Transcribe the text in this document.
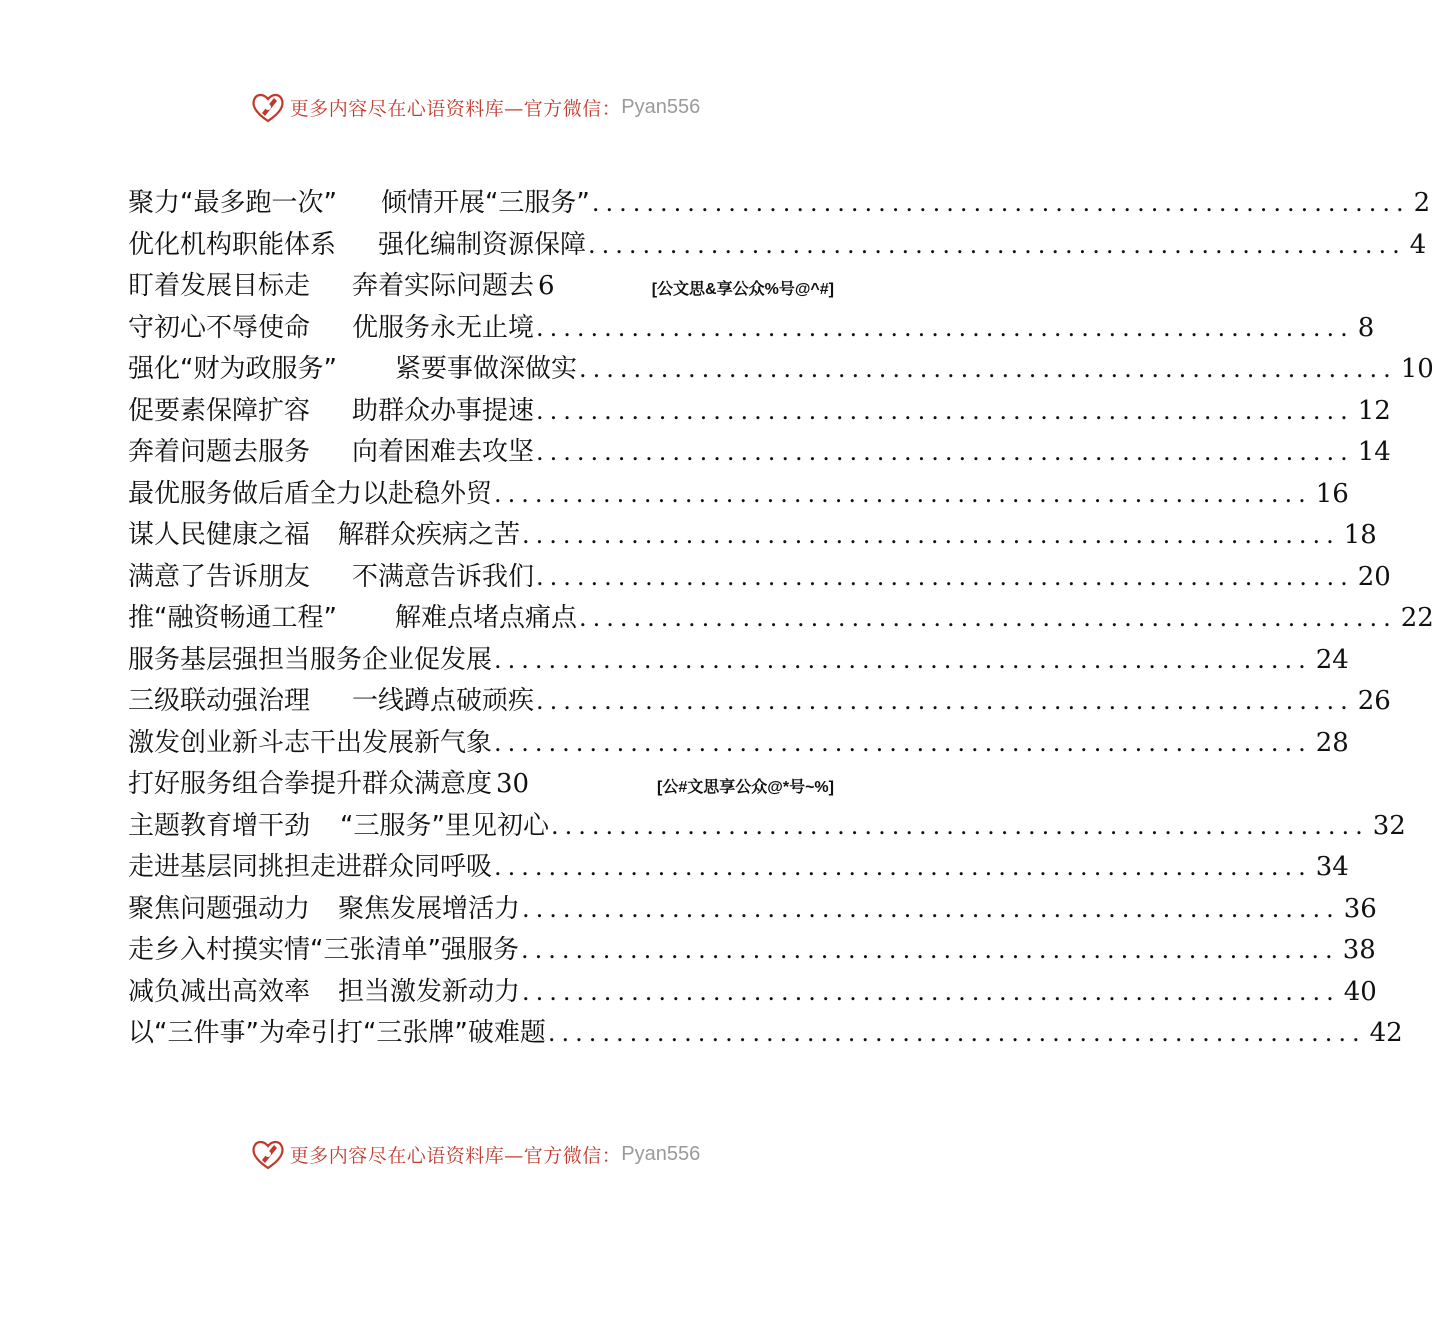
更多内容尽在心语资料库—官方微信： Pyan556
聚力“最多跑一次” 倾情开展“三服务” ............................................................ 2
优化机构职能体系 强化编制资源保障 ............................................................ 4
盯着发展目标走 奔着实际问题去 6	[公文思&享公众%号@^#]
守初心不辱使命 优服务永无止境 ............................................................ 8
强化“财为政服务” 紧要事做深做实 ............................................................ 10
促要素保障扩容 助群众办事提速 ............................................................ 12
奔着问题去服务 向着困难去攻坚 ............................................................ 14
最优服务做后盾全力以赴稳外贸 ............................................................ 16
谋人民健康之福 解群众疾病之苦 ............................................................ 18
满意了告诉朋友 不满意告诉我们 ............................................................ 20
推“融资畅通工程” 解难点堵点痛点 ............................................................ 22
服务基层强担当服务企业促发展 ............................................................ 24
三级联动强治理 一线蹲点破顽疾 ............................................................ 26
激发创业新斗志干出发展新气象 ............................................................ 28
打好服务组合拳提升群众满意度 30	[公#文思享公众@*号~%]
主题教育增干劲 “三服务”里见初心 ............................................................ 32
走进基层同挑担走进群众同呼吸 ............................................................ 34
聚焦问题强动力 聚焦发展增活力 ............................................................ 36
走乡入村摸实情“三张清单”强服务 ............................................................ 38
减负减出高效率 担当激发新动力 ............................................................ 40
以“三件事”为牵引打“三张牌”破难题 ............................................................ 42
更多内容尽在心语资料库—官方微信： Pyan556
